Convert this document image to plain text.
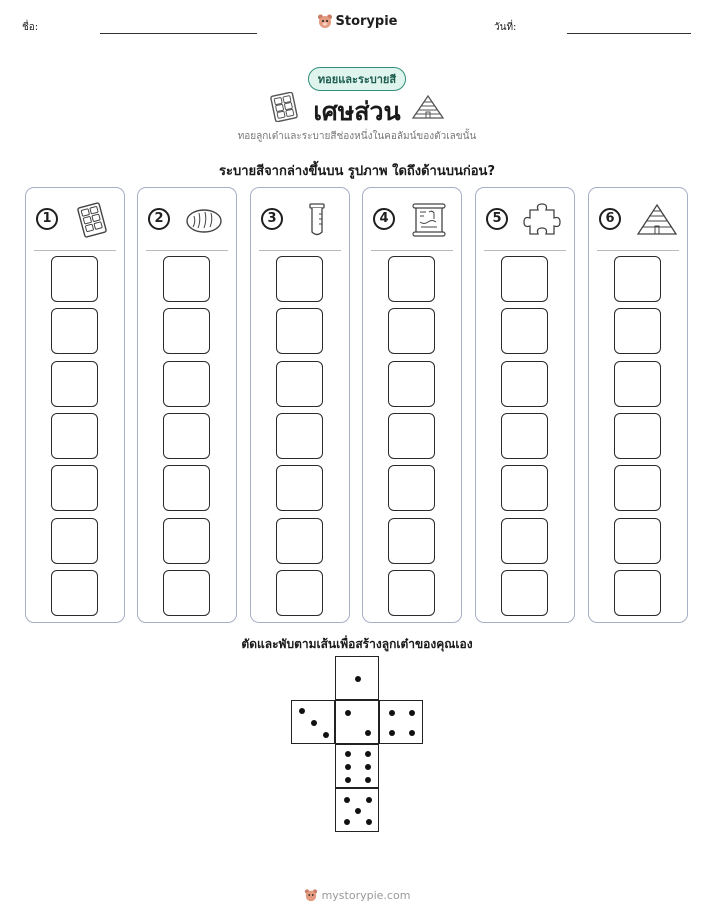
ชื่อ:	Storypie	วันที่:
ทอยและระบายสี
เศษส่วน
ทอยลูกเต๋าและระบายสีช่องหนึ่งในคอลัมน์ของตัวเลขนั้น
ระบายสีจากล่างขึ้นบน รูปภาพ ใดถึงด้านบนก่อน?
1	2	3	4	5	6
ตัดและพับตามเส้นเพื่อสร้างลูกเต๋าของคุณเอง
mystorypie.com
